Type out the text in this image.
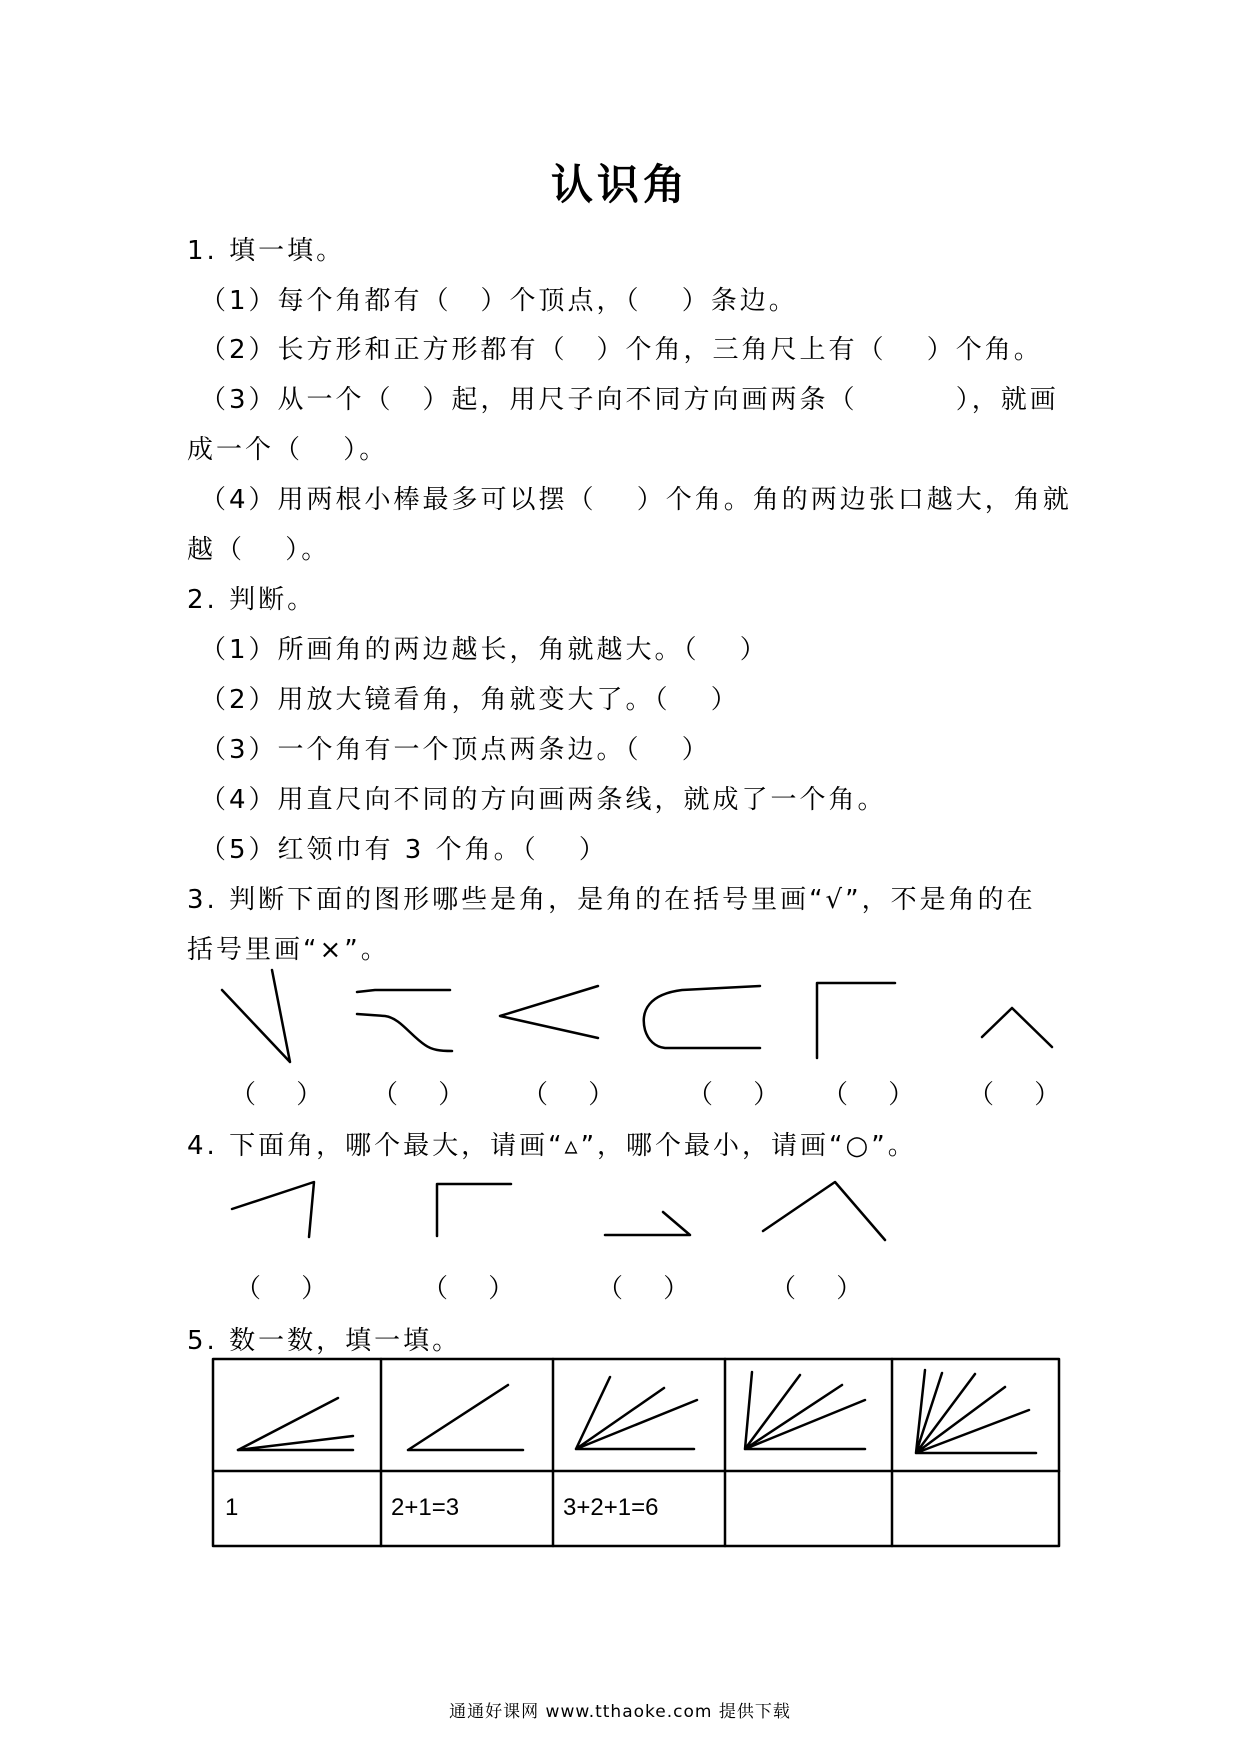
认识角
1. 填一填。
（1）每个角都有（　）个顶点，（　 ）条边。
（2）长方形和正方形都有（　）个角，三角尺上有（　 ）个角。
（3）从一个（　）起，用尺子向不同方向画两条（　　　 ），就画
成一个（　 ）。
（4）用两根小棒最多可以摆（　 ）个角。角的两边张口越大，角就
越（　 ）。
2. 判断。
（1）所画角的两边越长，角就越大。（　 ）
（2）用放大镜看角，角就变大了。（　 ）
（3）一个角有一个顶点两条边。（　 ）
（4）用直尺向不同的方向画两条线，就成了一个角。
（5）红领巾有 3 个角。（　 ）
3. 判断下面的图形哪些是角，是角的在括号里画“√”，不是角的在
括号里画“×”。
（　 ） （　 ） （　 ）	（　 ） （　 ） （　 ）
4. 下面角，哪个最大，请画“▵”，哪个最小，请画“○”。
（　 ）	（　 ）	（　 ）	（　 ）
5. 数一数，填一填。
1	2+1=3	3+2+1=6
通通好课网 www.tthaoke.com 提供下载
